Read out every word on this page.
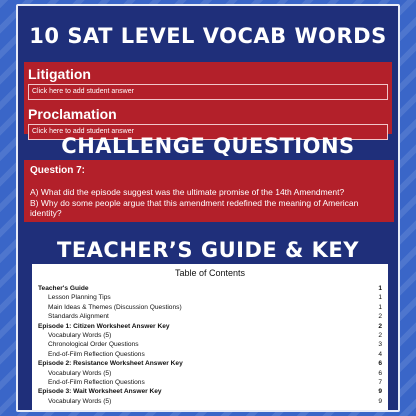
10 SAT LEVEL VOCAB WORDS
Litigation
Click here to add student answer
Proclamation
Click here to add student answer
CHALLENGE QUESTIONS
Question 7:
A) What did the episode suggest was the ultimate promise of the 14th Amendment?
B) Why do some people argue that this amendment redefined the meaning of American identity?
TEACHER’S GUIDE & KEY
Table of Contents
Teacher's Guide	1
Lesson Planning Tips	1
Main Ideas & Themes (Discussion Questions)	1
Standards Alignment	2
Episode 1: Citizen Worksheet Answer Key	2
Vocabulary Words (5)	2
Chronological Order Questions	3
End-of-Film Reflection Questions	4
Episode 2: Resistance Worksheet Answer Key	6
Vocabulary Words (5)	6
End-of-Film Reflection Questions	7
Episode 3: Wait Worksheet Answer Key	9
Vocabulary Words (5)	9
